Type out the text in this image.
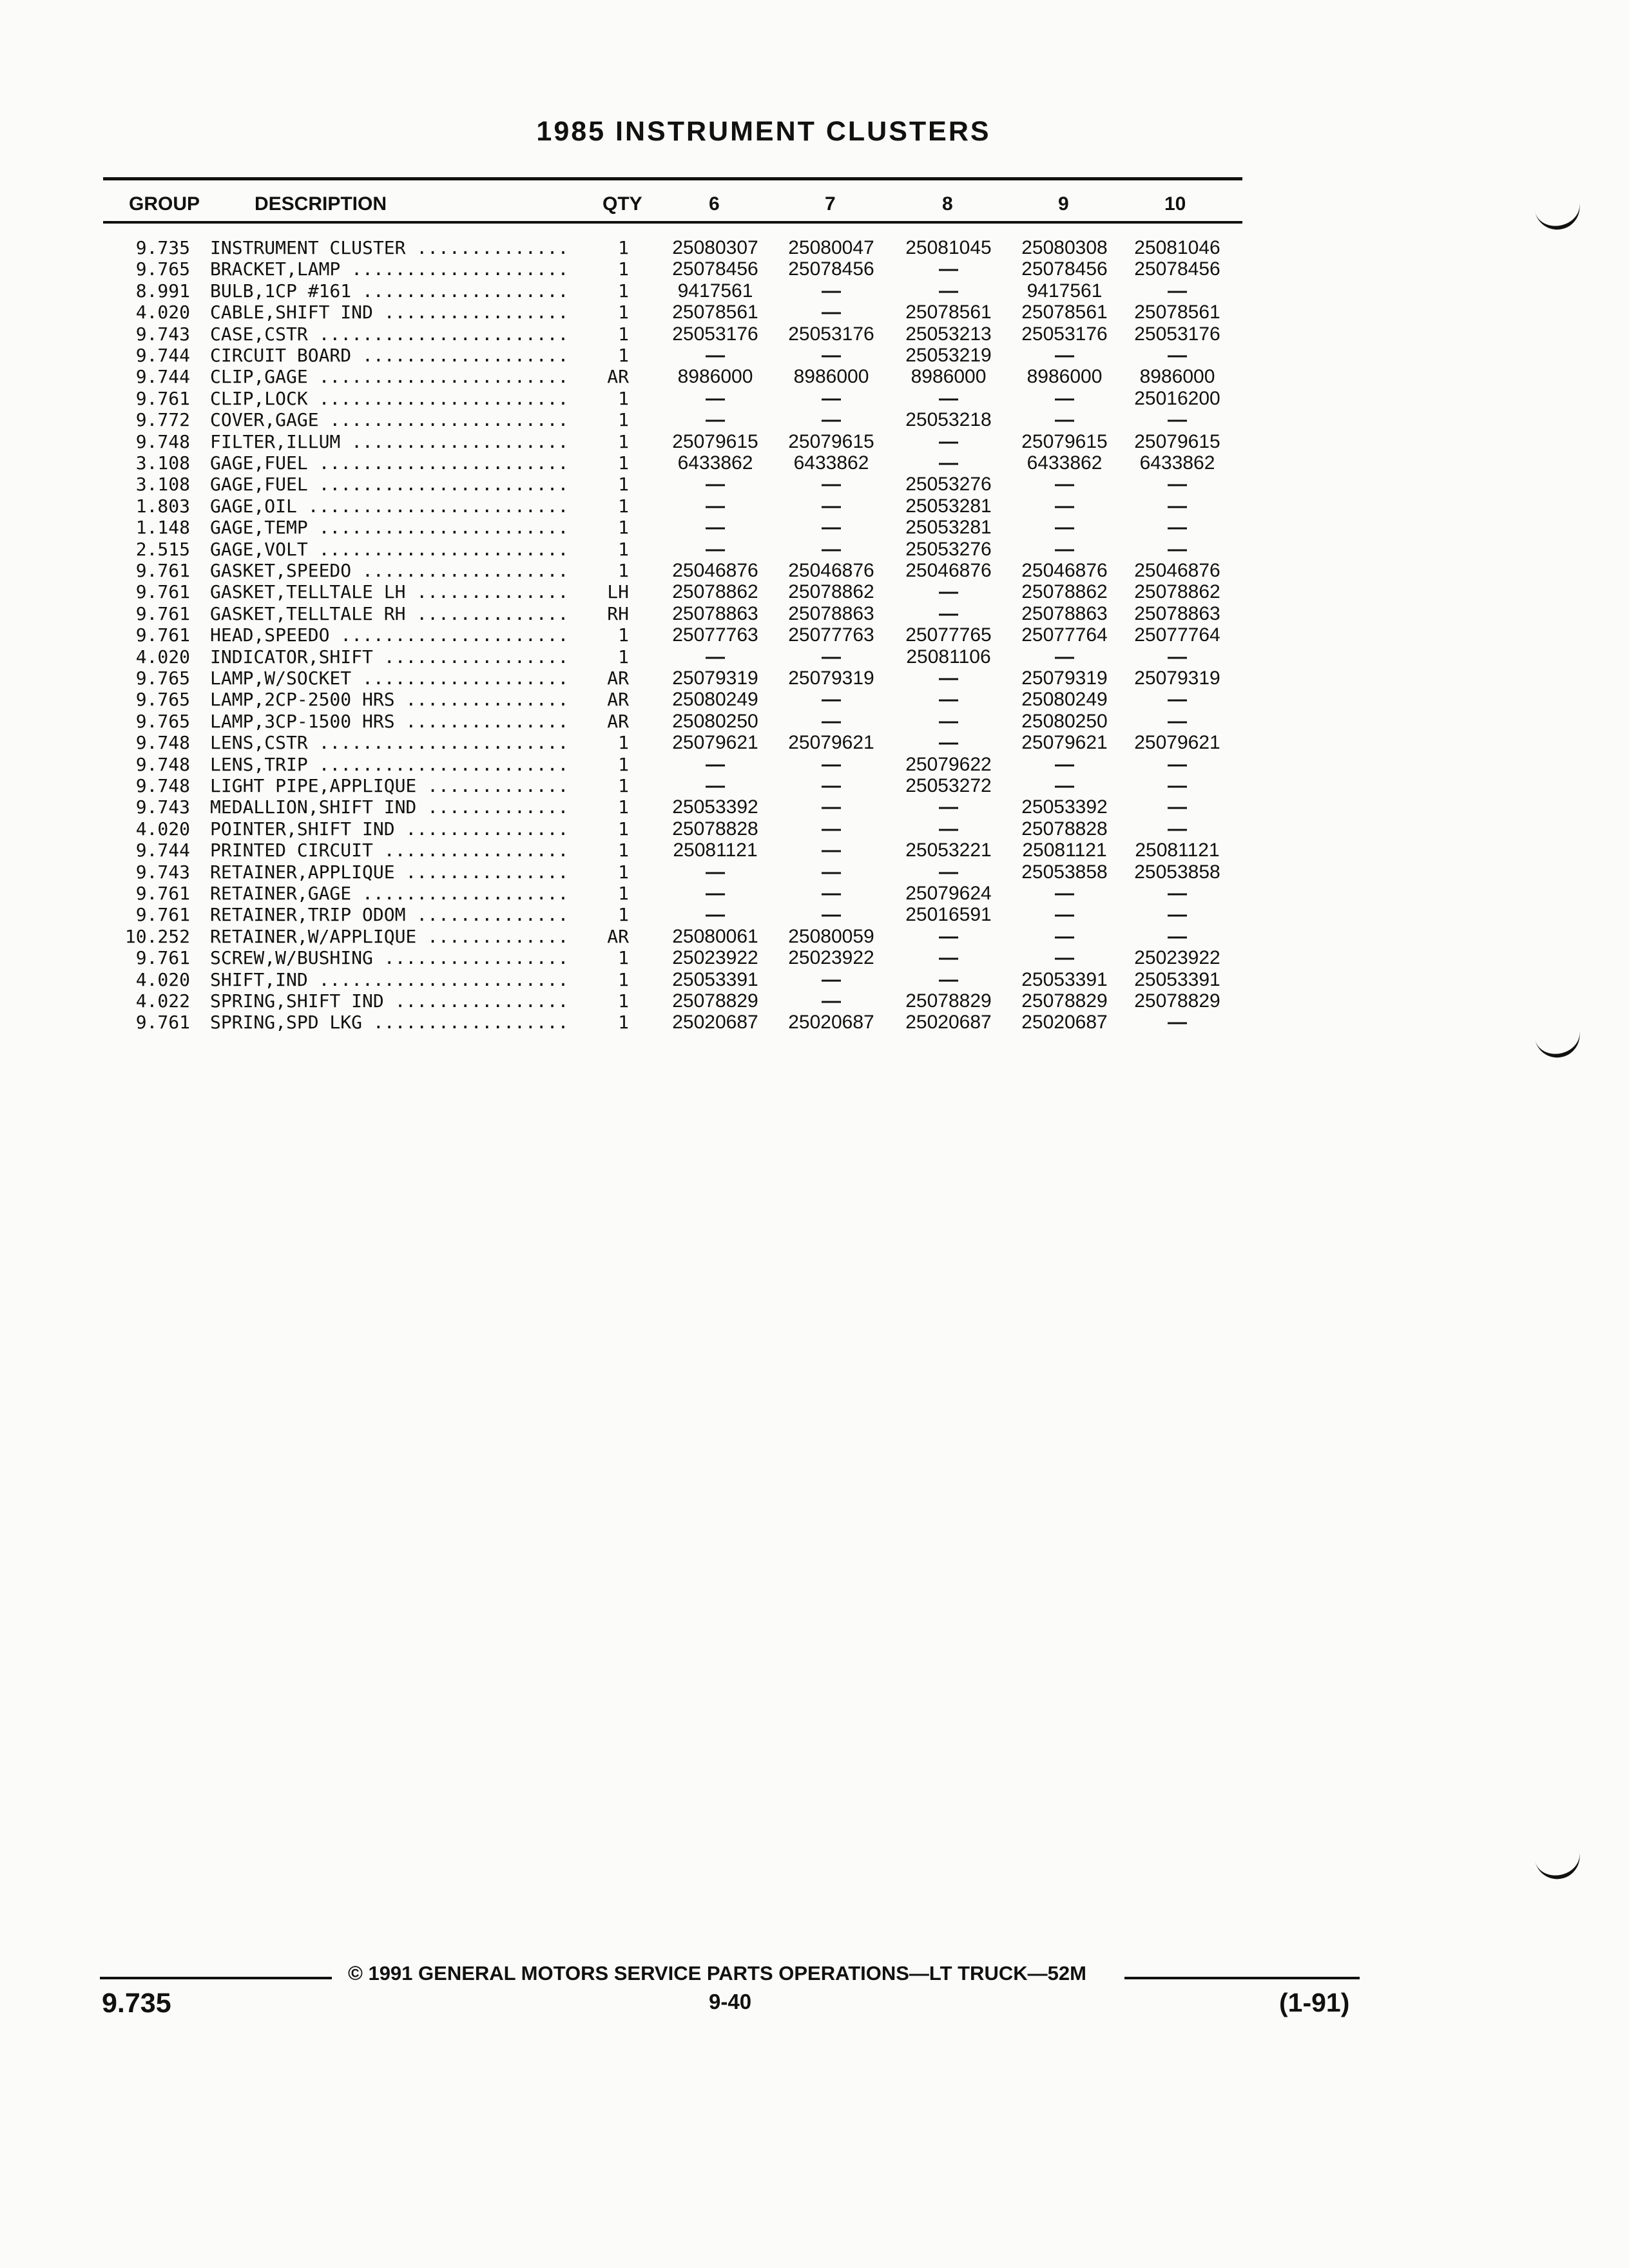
1985 INSTRUMENT CLUSTERS
GROUP	DESCRIPTION	QTY	6	7	8	9	10
9.735 INSTRUMENT CLUSTER ..............	1	25080307	25080047	25081045	25080308	25081046
9.765 BRACKET,LAMP ....................	1	25078456	25078456	—	25078456	25078456
8.991 BULB,1CP #161 ...................	1	9417561	—	—	9417561	—
4.020 CABLE,SHIFT IND .................	1	25078561	—	25078561	25078561	25078561
9.743 CASE,CSTR .......................	1	25053176	25053176	25053213	25053176	25053176
9.744 CIRCUIT BOARD ...................	1	—	—	25053219	—	—
9.744 CLIP,GAGE .......................	AR	8986000	8986000	8986000	8986000	8986000
9.761 CLIP,LOCK .......................	1	—	—	—	—	25016200
9.772 COVER,GAGE ......................	1	—	—	25053218	—	—
9.748 FILTER,ILLUM ....................	1	25079615	25079615	—	25079615	25079615
3.108 GAGE,FUEL .......................	1	6433862	6433862	—	6433862	6433862
3.108 GAGE,FUEL .......................	1	—	—	25053276	—	—
1.803 GAGE,OIL ........................	1	—	—	25053281	—	—
1.148 GAGE,TEMP .......................	1	—	—	25053281	—	—
2.515 GAGE,VOLT .......................	1	—	—	25053276	—	—
9.761 GASKET,SPEEDO ...................	1	25046876	25046876	25046876	25046876	25046876
9.761 GASKET,TELLTALE LH ..............	LH	25078862	25078862	—	25078862	25078862
9.761 GASKET,TELLTALE RH ..............	RH	25078863	25078863	—	25078863	25078863
9.761 HEAD,SPEEDO .....................	1	25077763	25077763	25077765	25077764	25077764
4.020 INDICATOR,SHIFT .................	1	—	—	25081106	—	—
9.765 LAMP,W/SOCKET ...................	AR	25079319	25079319	—	25079319	25079319
9.765 LAMP,2CP-2500 HRS ...............	AR	25080249	—	—	25080249	—
9.765 LAMP,3CP-1500 HRS ...............	AR	25080250	—	—	25080250	—
9.748 LENS,CSTR .......................	1	25079621	25079621	—	25079621	25079621
9.748 LENS,TRIP .......................	1	—	—	25079622	—	—
9.748 LIGHT PIPE,APPLIQUE .............	1	—	—	25053272	—	—
9.743 MEDALLION,SHIFT IND .............	1	25053392	—	—	25053392	—
4.020 POINTER,SHIFT IND ...............	1	25078828	—	—	25078828	—
9.744 PRINTED CIRCUIT .................	1	25081121	—	25053221	25081121	25081121
9.743 RETAINER,APPLIQUE ...............	1	—	—	—	25053858	25053858
9.761 RETAINER,GAGE ...................	1	—	—	25079624	—	—
9.761 RETAINER,TRIP ODOM ..............	1	—	—	25016591	—	—
10.252 RETAINER,W/APPLIQUE .............	AR	25080061	25080059	—	—	—
9.761 SCREW,W/BUSHING .................	1	25023922	25023922	—	—	25023922
4.020 SHIFT,IND .......................	1	25053391	—	—	25053391	25053391
4.022 SPRING,SHIFT IND ................	1	25078829	—	25078829	25078829	25078829
9.761 SPRING,SPD LKG ..................	1	25020687	25020687	25020687	25020687	—
© 1991 GENERAL MOTORS SERVICE PARTS OPERATIONS—LT TRUCK—52M
9.735	9-40	(1-91)
